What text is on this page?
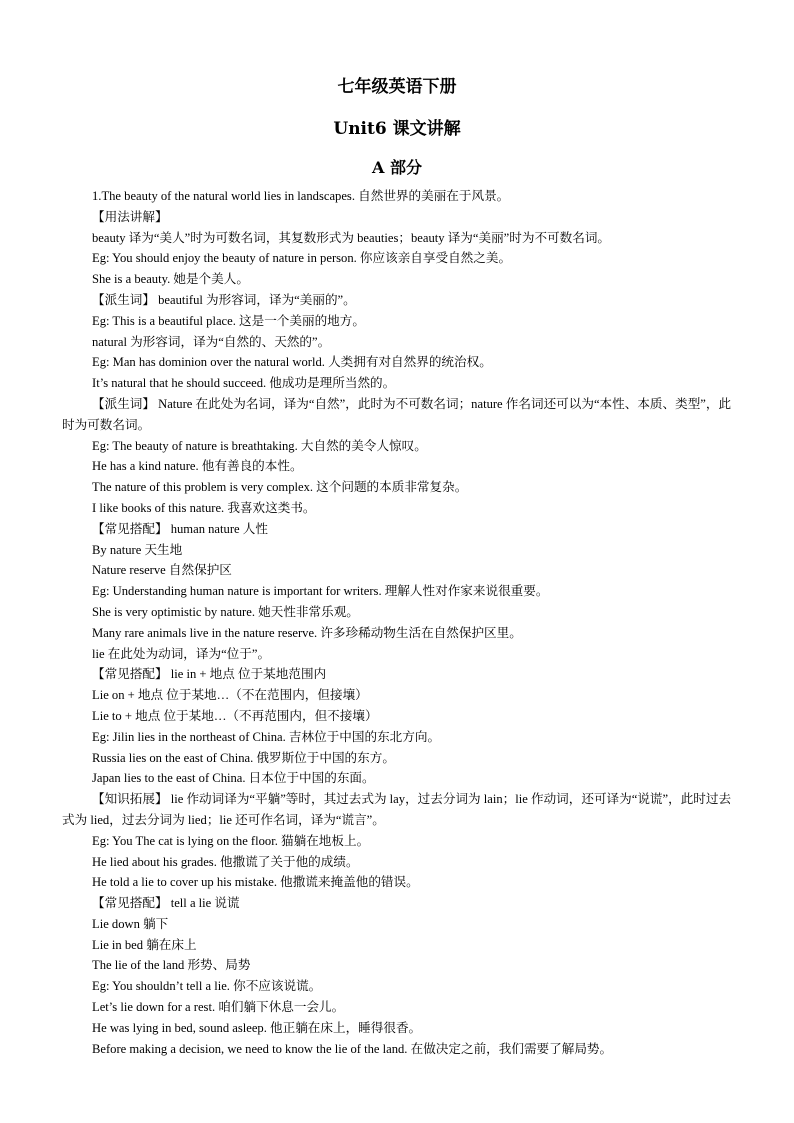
七年级英语下册
Unit6 课文讲解
A 部分
1.The beauty of the natural world lies in landscapes. 自然世界的美丽在于风景。
【用法讲解】
beauty 译为“美人”时为可数名词，其复数形式为 beauties；beauty 译为“美丽”时为不可数名词。
Eg: You should enjoy the beauty of nature in person. 你应该亲自享受自然之美。
She is a beauty. 她是个美人。
【派生词】 beautiful 为形容词，译为“美丽的”。
Eg: This is a beautiful place. 这是一个美丽的地方。
natural 为形容词，译为“自然的、天然的”。
Eg: Man has dominion over the natural world. 人类拥有对自然界的统治权。
It’s natural that he should succeed. 他成功是理所当然的。
【派生词】 Nature 在此处为名词，译为“自然”，此时为不可数名词；nature 作名词还可以为“本性、本质、类型”，此时为可数名词。
Eg: The beauty of nature is breathtaking. 大自然的美令人惊叹。
He has a kind nature. 他有善良的本性。
The nature of this problem is very complex. 这个问题的本质非常复杂。
I like books of this nature. 我喜欢这类书。
【常见搭配】 human nature 人性
By nature 天生地
Nature reserve 自然保护区
Eg: Understanding human nature is important for writers. 理解人性对作家来说很重要。
She is very optimistic by nature. 她天性非常乐观。
Many rare animals live in the nature reserve. 许多珍稀动物生活在自然保护区里。
lie 在此处为动词，译为“位于”。
【常见搭配】 lie in + 地点 位于某地范围内
Lie on + 地点 位于某地…（不在范围内，但接壤）
Lie to + 地点 位于某地…（不再范围内，但不接壤）
Eg: Jilin lies in the northeast of China. 吉林位于中国的东北方向。
Russia lies on the east of China. 俄罗斯位于中国的东方。
Japan lies to the east of China. 日本位于中国的东面。
【知识拓展】 lie 作动词译为“平躺”等时，其过去式为 lay，过去分词为 lain；lie 作动词，还可译为“说谎”，此时过去式为 lied，过去分词为 lied；lie 还可作名词，译为“谎言”。
Eg: You The cat is lying on the floor. 猫躺在地板上。
He lied about his grades. 他撒谎了关于他的成绩。
He told a lie to cover up his mistake. 他撒谎来掩盖他的错误。
【常见搭配】 tell a lie 说谎
Lie down 躺下
Lie in bed 躺在床上
The lie of the land 形势、局势
Eg: You shouldn’t tell a lie. 你不应该说谎。
Let’s lie down for a rest. 咱们躺下休息一会儿。
He was lying in bed, sound asleep. 他正躺在床上，睡得很香。
Before making a decision, we need to know the lie of the land. 在做决定之前，我们需要了解局势。
